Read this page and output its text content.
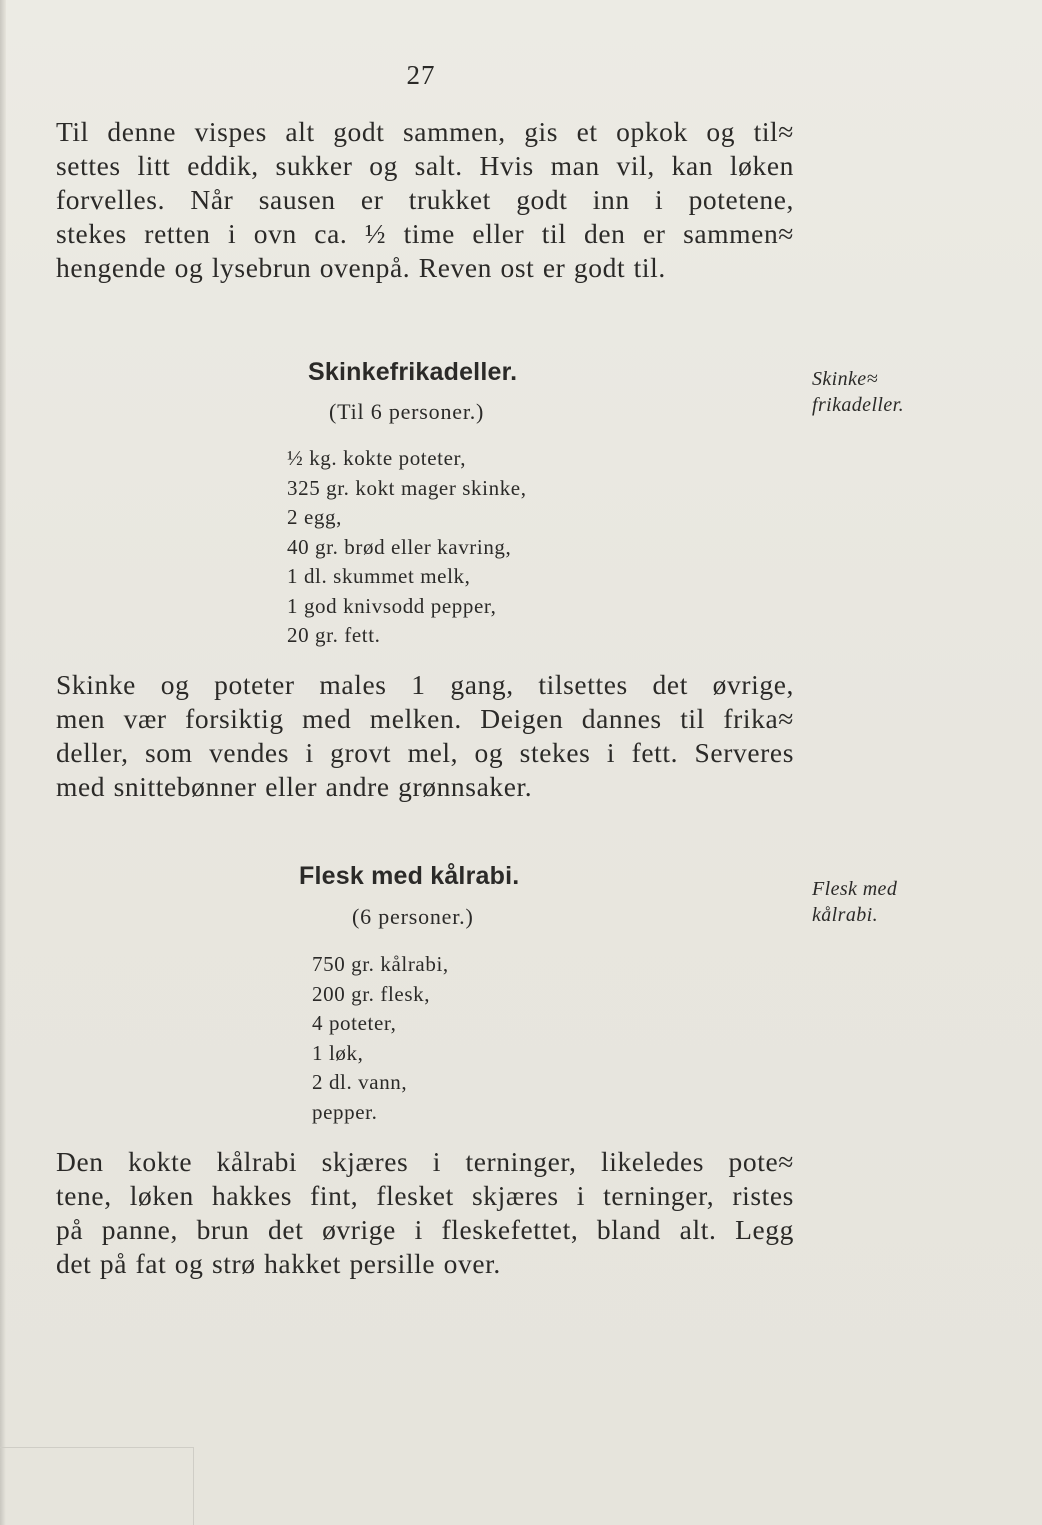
27

Til denne vispes alt godt sammen, gis et opkok og til≈
settes litt eddik, sukker og salt. Hvis man vil, kan løken
forvelles. Når sausen er trukket godt inn i potetene,
stekes retten i ovn ca. ½ time eller til den er sammen≈
hengende og lysebrun ovenpå. Reven ost er godt til.

Skinkefrikadeller.
(Til 6 personer.)
Skinke≈
frikadeller.
½ kg. kokte poteter,
325 gr. kokt mager skinke,
2 egg,
40 gr. brød eller kavring,
1 dl. skummet melk,
1 god knivsodd pepper,
20 gr. fett.

Skinke og poteter males 1 gang, tilsettes det øvrige,
men vær forsiktig med melken. Deigen dannes til frika≈
deller, som vendes i grovt mel, og stekes i fett. Serveres
med snittebønner eller andre grønnsaker.

Flesk med kålrabi.
(6 personer.)
Flesk med
kålrabi.
750 gr. kålrabi,
200 gr. flesk,
4 poteter,
1 løk,
2 dl. vann,
pepper.

Den kokte kålrabi skjæres i terninger, likeledes pote≈
tene, løken hakkes fint, flesket skjæres i terninger, ristes
på panne, brun det øvrige i fleskefettet, bland alt. Legg
det på fat og strø hakket persille over.
